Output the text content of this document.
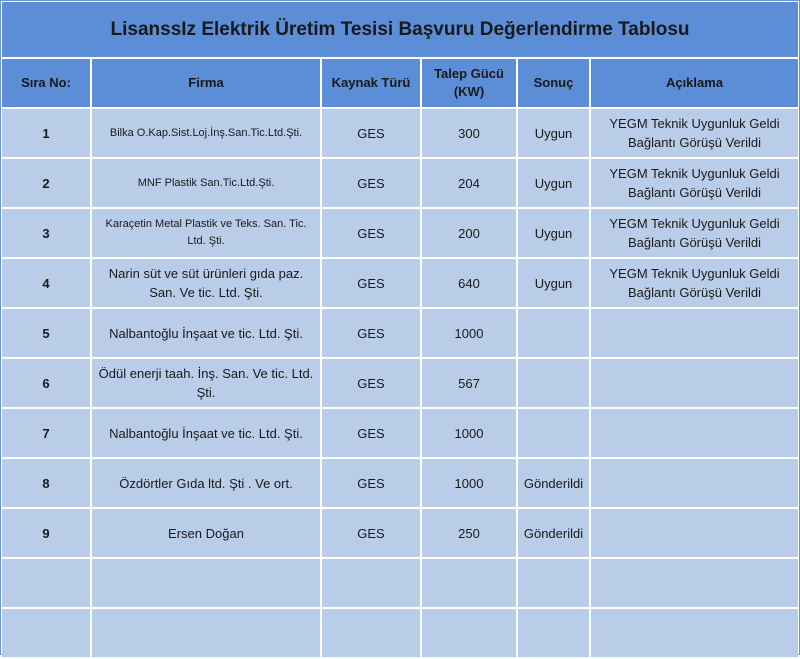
LisanssIz Elektrik Üretim Tesisi Başvuru Değerlendirme Tablosu
Sıra No:	Firma	Kaynak Türü	Talep Gücü (KW)	Sonuç	Açıklama
1	Bilka O.Kap.Sist.Loj.İnş.San.Tic.Ltd.Şti.	GES	300	Uygun	YEGM Teknik Uygunluk Geldi Bağlantı Görüşü Verildi
2	MNF Plastik San.Tic.Ltd.Şti.	GES	204	Uygun	YEGM Teknik Uygunluk Geldi Bağlantı Görüşü Verildi
3	Karaçetin Metal Plastik ve Teks. San. Tic. Ltd. Şti.	GES	200	Uygun	YEGM Teknik Uygunluk Geldi Bağlantı Görüşü Verildi
4	Narin süt ve süt ürünleri gıda paz. San. Ve tic. Ltd. Şti.	GES	640	Uygun	YEGM Teknik Uygunluk Geldi Bağlantı Görüşü Verildi
5	Nalbantoğlu İnşaat ve tic. Ltd. Şti.	GES	1000		
6	Ödül enerji taah. İnş. San. Ve tic. Ltd. Şti.	GES	567		
7	Nalbantoğlu İnşaat ve tic. Ltd. Şti.	GES	1000		
8	Özdörtler Gıda ltd. Şti . Ve ort.	GES	1000	Gönderildi	
9	Ersen Doğan	GES	250	Gönderildi	
